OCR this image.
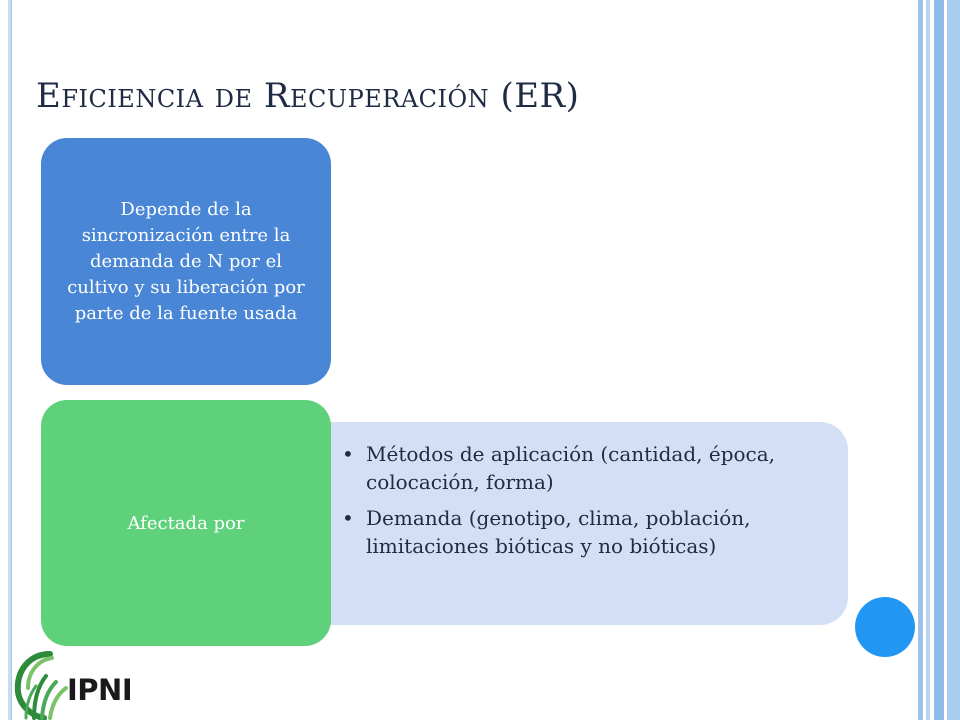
Eficiencia de Recuperación (ER)
Depende de la sincronización entre la demanda de N por el cultivo y su liberación por parte de la fuente usada
• Métodos de aplicación (cantidad, época, colocación, forma)
• Demanda (genotipo, clima, población, limitaciones bióticas y no bióticas)
Afectada por
IPNI
